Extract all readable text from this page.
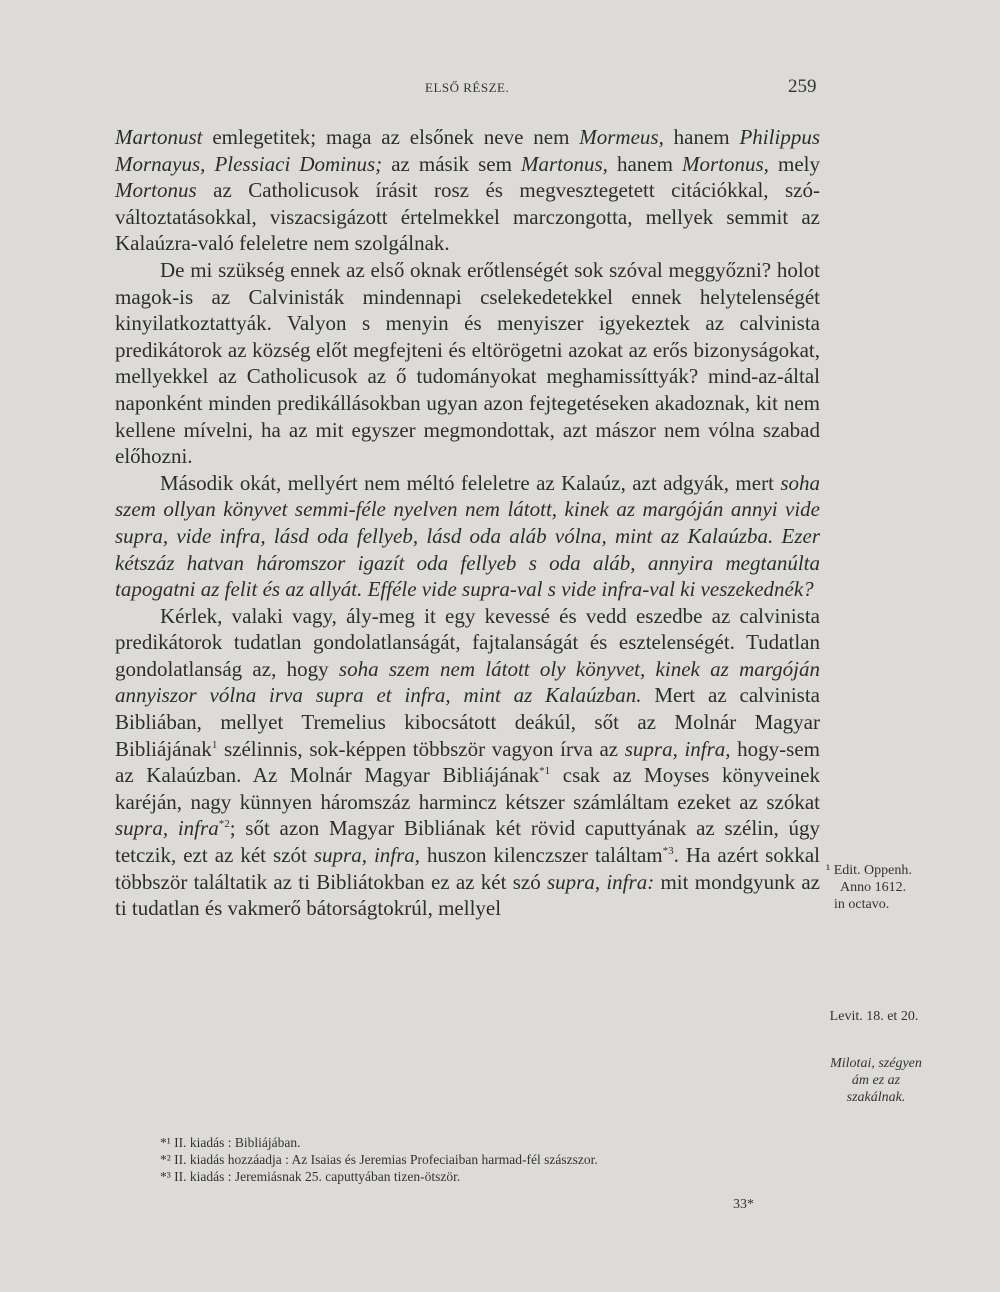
ELSŐ RÉSZE.	259

Martonust emlegetitek; maga az elsőnek neve nem Mormeus, hanem Philippus Mornayus, Plessiaci Dominus; az másik sem Martonus, hanem Mortonus, mely Mortonus az Catholicusok írásit rosz és megvesztegetett citációkkal, szó-változtatásokkal, viszacsigázott értelmekkel marczongotta, mellyek semmit az Kalaúzra-való feleletre nem szolgálnak.

De mi szükség ennek az első oknak erőtlenségét sok szóval meggyőzni? holot magok-is az Calvinisták mindennapi cselekedetekkel ennek helytelenségét kinyilatkoztattyák. Valyon s menyin és menyiszer igyekeztek az calvinista predikátorok az község előt megfejteni és eltörögetni azokat az erős bizonyságokat, mellyekkel az Catholicusok az ő tudományokat meghamissíttyák? mind-az-által naponként minden predikállásokban ugyan azon fejtegetéseken akadoznak, kit nem kellene mívelni, ha az mit egyszer megmondottak, azt mászor nem vólna szabad előhozni.

Második okát, mellyért nem méltó feleletre az Kalaúz, azt adgyák, mert soha szem ollyan könyvet semmi-féle nyelven nem látott, kinek az margóján annyi vide supra, vide infra, lásd oda fellyeb, lásd oda aláb vólna, mint az Kalaúzba. Ezer kétszáz hatvan háromszor igazít oda fellyeb s oda aláb, annyira megtanúlta tapogatni az felit és az allyát. Efféle vide supra-val s vide infra-val ki veszekednék?

Kérlek, valaki vagy, ály-meg it egy kevessé és vedd eszedbe az calvinista predikátorok tudatlan gondolatlanságát, fajtalanságát és esztelenségét. Tudatlan gondolatlanság az, hogy soha szem nem látott oly könyvet, kinek az margóján annyiszor vólna irva supra et infra, mint az Kalaúzban. Mert az calvinista Bibliában, mellyet Tremelius kibocsátott deákúl, sőt az Molnár Magyar Bibliájának$^1$ szélinnis, sok-képpen többször vagyon írva az supra, infra, hogy-sem az Kalaúzban. Az Molnár Magyar Bibliájának$^{*1}$ csak az Moyses könyveinek karéján, nagy künnyen háromszáz harmincz kétszer számláltam ezeket az szókat supra, infra$^{*2}$; sőt azon Magyar Bibliának két rövid caputtyának az szélin, úgy tetczik, ezt az két szót supra, infra, huszon kilenczszer találtam$^{*3}$. Ha azért sokkal többször találtatik az ti Bibliátokban ez az két szó supra, infra: mit mondgyunk az ti tudatlan és vakmerő bátorságtokrúl, mellyel

¹ Edit. Oppenh.
Anno 1612.
in octavo.
Levit. 18. et 20.
Milotai, szégyen ám ez az szakálnak.
*¹ II. kiadás : Bibliájában.
*² II. kiadás hozzáadja : Az Isaias és Jeremias Profeciaiban harmad-fél szászszor.
*³ II. kiadás : Jeremiásnak 25. caputtyában tizen-ötször.
33*
